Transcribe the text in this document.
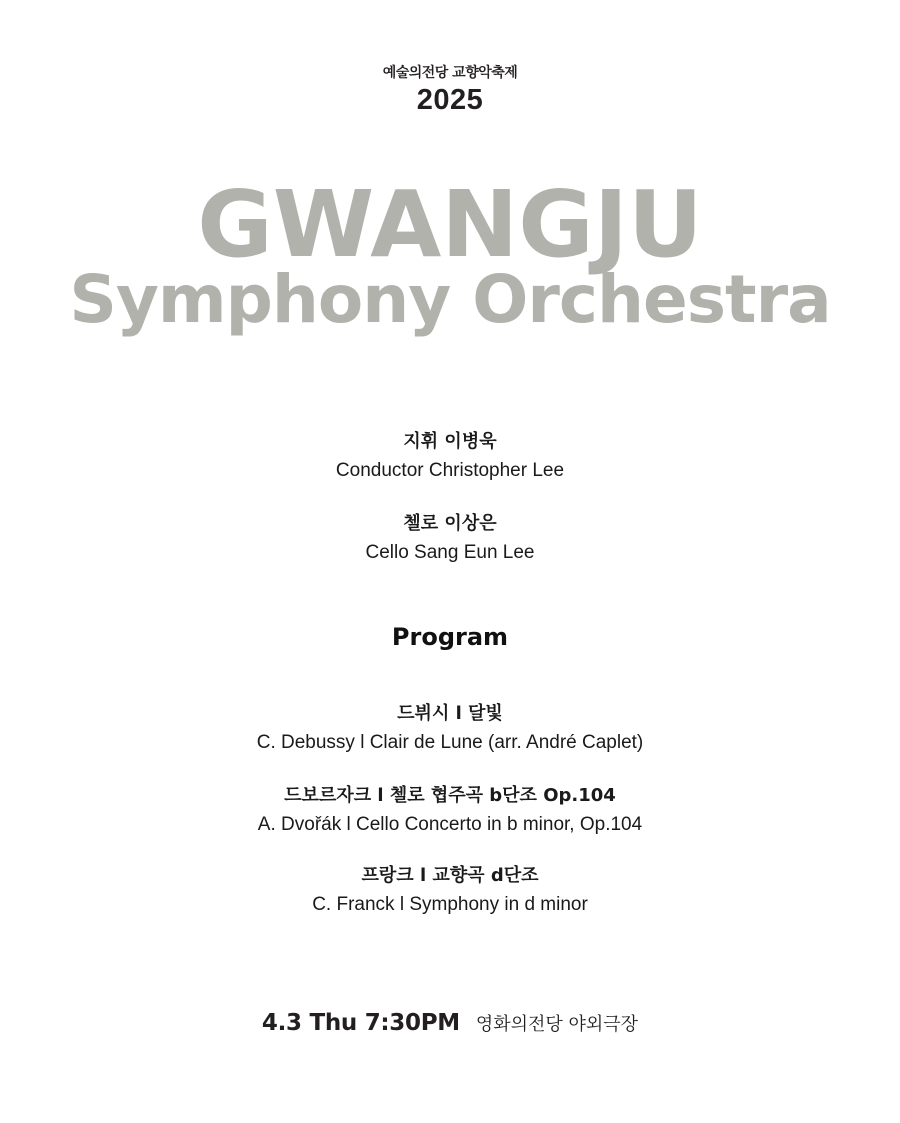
예술의전당 교향악축제
2025
GWANGJU
Symphony Orchestra
지휘 이병욱
Conductor Christopher Lee
첼로 이상은
Cello Sang Eun Lee
Program
드뷔시 l 달빛
C. Debussy l Clair de Lune (arr. André Caplet)
드보르자크 l 첼로 협주곡 b단조 Op.104
A. Dvořák l Cello Concerto in b minor, Op.104
프랑크 l 교향곡 d단조
C. Franck l Symphony in d minor
4.3 Thu 7:30PM 영화의전당 야외극장
